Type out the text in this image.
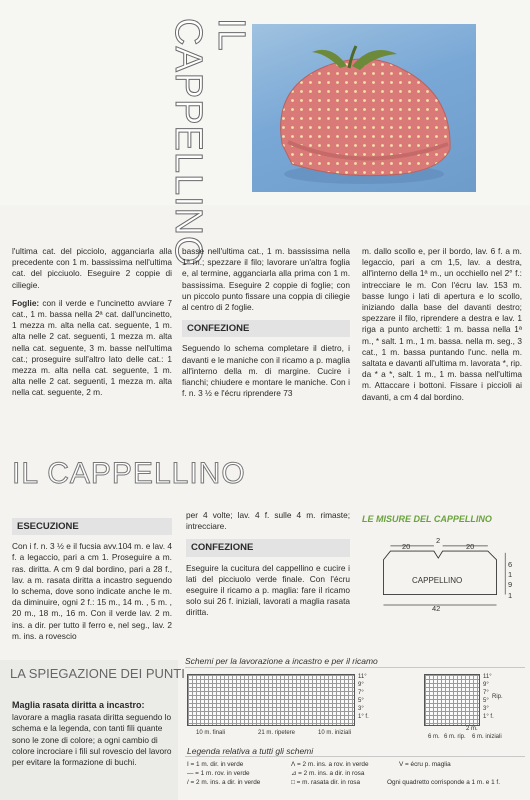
IL CAPPELLINO

l'ultima cat. del picciolo, agganciarla alla precedente con 1 m. bassissima nell'ultima cat. del picciuolo. Eseguire 2 coppie di ciliegie.

Foglie: con il verde e l'uncinetto avviare 7 cat., 1 m. bassa nella 2ª cat. dall'uncinetto, 1 mezza m. alta nella cat. seguente, 1 m. alta nelle 2 cat. seguenti, 1 mezza m. alta nella cat. seguente, 3 m. basse nell'ultima cat.; proseguire sull'altro lato delle cat.: 1 mezza m. alta nella cat. seguente, 1 m. alta nelle 2 cat. seguenti, 1 mezza m. alta nella cat. seguente, 2 m.

basse nell'ultima cat., 1 m. bassissima nella 1ª m.; spezzare il filo; lavorare un'altra foglia e, al termine, agganciarla alla prima con 1 m. bassissima. Eseguire 2 coppie di foglie; con un piccolo punto fissare una coppia di ciliegie al centro di 2 foglie.

CONFEZIONE

Seguendo lo schema completare il dietro, i davanti e le maniche con il ricamo a p. maglia all'interno della m. di margine. Cucire i fianchi; chiudere e montare le maniche. Con i f. n. 3 ½ e l'écru riprendere 73

m. dallo scollo e, per il bordo, lav. 6 f. a m. legaccio, pari a cm 1,5, lav. a destra, all'interno della 1ª m., un occhiello nel 2° f.: intrecciare le m. Con l'écru lav. 153 m. basse lungo i lati di apertura e lo scollo, iniziando dalla base del davanti destro; spezzare il filo, riprendere a destra e lav. 1 riga a punto archetti: 1 m. bassa nella 1ª m., * salt. 1 m., 1 m. bassa. nella m. seg., 3 cat., 1 m. bassa puntando l'unc. nella m. saltata e davanti all'ultima m. lavorata *, rip. da * a *, salt. 1 m., 1 m. bassa nell'ultima m. Attaccare i bottoni. Fissare i piccioli ai davanti, a cm 4 dal bordino.

IL CAPPELLINO
ESECUZIONE

Con i f. n. 3 ½ e il fucsia avv.104 m. e lav. 4 f. a legaccio, pari a cm 1. Proseguire a m. ras. diritta. A cm 9 dal bordino, pari a 28 f., lav. a m. rasata diritta a incastro seguendo lo schema, dove sono indicate anche le m. da diminuire, ogni 2 f.: 15 m., 14 m. , 5 m. , 20 m., 18 m., 16 m. Con il verde lav. 2 m. ins. a dir. per tutto il ferro e, nel seg., lav. 2 m. ins. a rovescio

per 4 volte; lav. 4 f. sulle 4 m. rimaste; intrecciare.

CONFEZIONE

Eseguire la cucitura del cappellino e cucire i lati del picciuolo verde finale. Con l'écru eseguire il ricamo a p. maglia: fare il ricamo solo sui 26 f. iniziali, lavorati a maglia rasata diritta.

LE MISURE DEL CAPPELLINO
20
2
20
CAPPELLINO
6
1
9
1
42
LA SPIEGAZIONE DEI PUNTI
Maglia rasata diritta a incastro:
lavorare a maglia rasata diritta seguendo lo schema e la legenda, con tanti fili quante sono le zone di colore; a ogni cambio di colore incrociare i fili sul rovescio del lavoro per evitare la formazione di buchi.
Schemi per la lavorazione a incastro e per il ricamo
11°
9°
7°
5°
3°
1° f.
10 m. finali	21 m. ripetere	10 m. iniziali
11°
9°
7°
5°
3°
1° f.
Rip.
2 m.
6 m. 6 m. rip. 6 m. iniziali
Legenda relativa a tutti gli schemi
I = 1 m. dir. in verde
— = 1 m. rov. in verde
/ = 2 m. ins. a dir. in verde
Ʌ = 2 m. ins. a rov. in verde
⊿ = 2 m. ins. a dir. in rosa
□ = m. rasata dir. in rosa
V = écru p. maglia
Ogni quadretto corrisponde a 1 m. e 1 f.
